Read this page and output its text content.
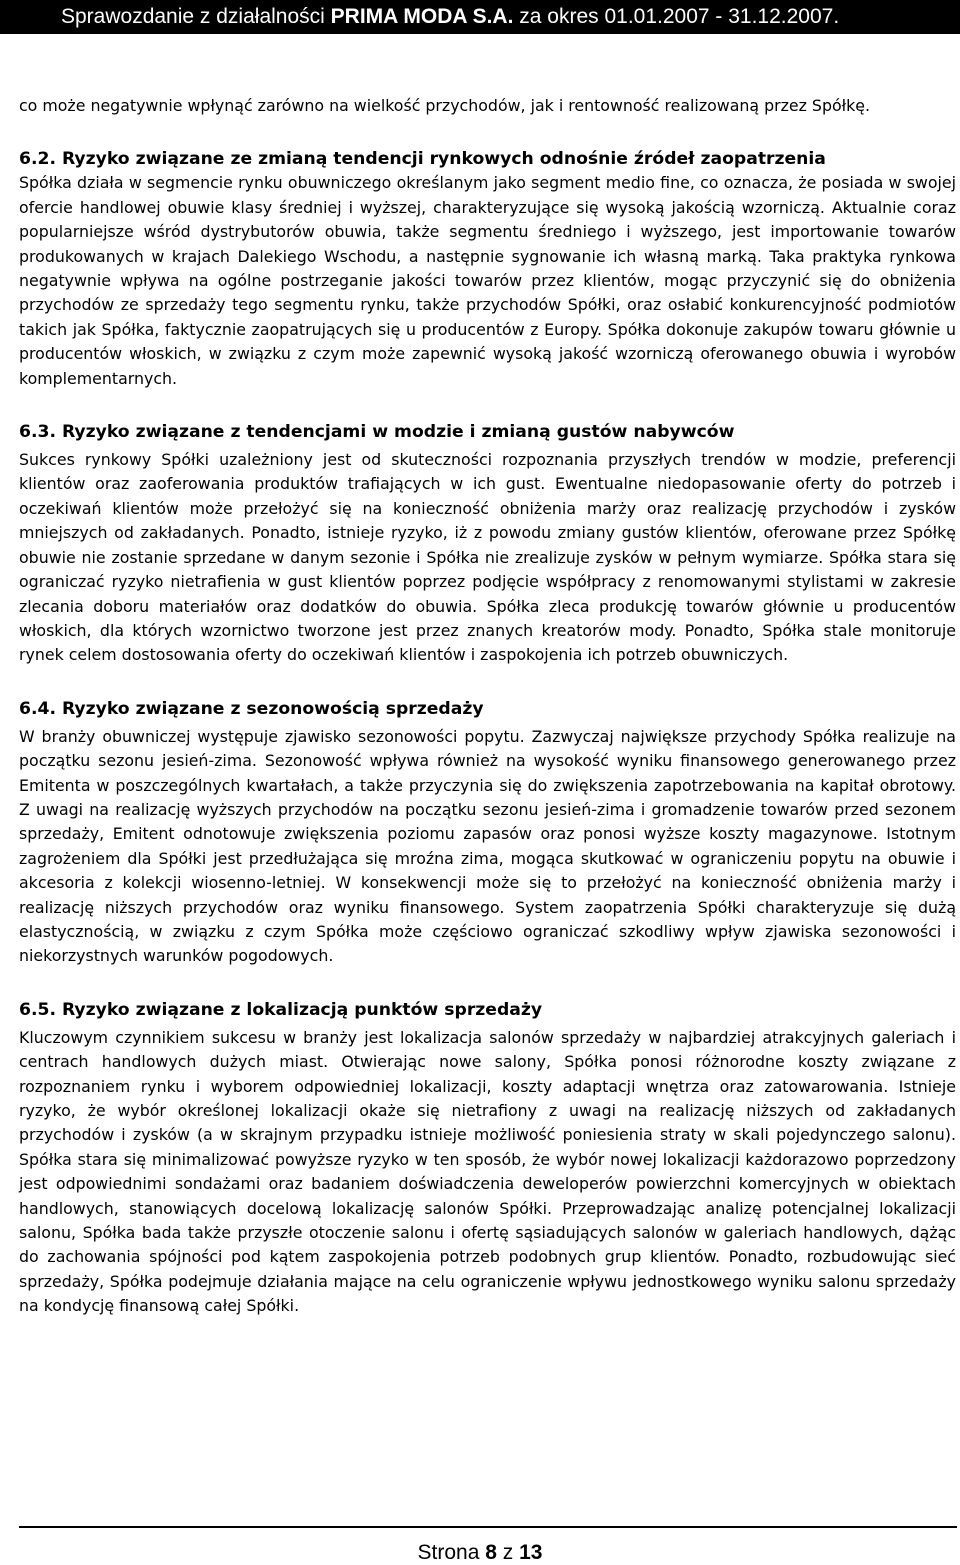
Sprawozdanie z działalności PRIMA MODA S.A. za okres 01.01.2007 - 31.12.2007.

co może negatywnie wpłynąć zarówno na wielkość przychodów, jak i rentowność realizowaną przez Spółkę.

6.2. Ryzyko związane ze zmianą tendencji rynkowych odnośnie źródeł zaopatrzenia

Spółka działa w segmencie rynku obuwniczego określanym jako segment medio fine, co oznacza, że posiada w swojej ofercie handlowej obuwie klasy średniej i wyższej, charakteryzujące się wysoką jakością wzorniczą. Aktualnie coraz popularniejsze wśród dystrybutorów obuwia, także segmentu średniego i wyższego, jest importowanie towarów produkowanych w krajach Dalekiego Wschodu, a następnie sygnowanie ich własną marką. Taka praktyka rynkowa negatywnie wpływa na ogólne postrzeganie jakości towarów przez klientów, mogąc przyczynić się do obniżenia przychodów ze sprzedaży tego segmentu rynku, także przychodów Spółki, oraz osłabić konkurencyjność podmiotów takich jak Spółka, faktycznie zaopatrujących się u producentów z Europy. Spółka dokonuje zakupów towaru głównie u producentów włoskich, w związku z czym może zapewnić wysoką jakość wzorniczą oferowanego obuwia i wyrobów komplementarnych.

6.3. Ryzyko związane z tendencjami w modzie i zmianą gustów nabywców

Sukces rynkowy Spółki uzależniony jest od skuteczności rozpoznania przyszłych trendów w modzie, preferencji klientów oraz zaoferowania produktów trafiających w ich gust. Ewentualne niedopasowanie oferty do potrzeb i oczekiwań klientów może przełożyć się na konieczność obniżenia marży oraz realizację przychodów i zysków mniejszych od zakładanych. Ponadto, istnieje ryzyko, iż z powodu zmiany gustów klientów, oferowane przez Spółkę obuwie nie zostanie sprzedane w danym sezonie i Spółka nie zrealizuje zysków w pełnym wymiarze. Spółka stara się ograniczać ryzyko nietrafienia w gust klientów poprzez podjęcie współpracy z renomowanymi stylistami w zakresie zlecania doboru materiałów oraz dodatków do obuwia. Spółka zleca produkcję towarów głównie u producentów włoskich, dla których wzornictwo tworzone jest przez znanych kreatorów mody. Ponadto, Spółka stale monitoruje rynek celem dostosowania oferty do oczekiwań klientów i zaspokojenia ich potrzeb obuwniczych.

6.4. Ryzyko związane z sezonowością sprzedaży

W branży obuwniczej występuje zjawisko sezonowości popytu. Zazwyczaj największe przychody Spółka realizuje na początku sezonu jesień-zima. Sezonowość wpływa również na wysokość wyniku finansowego generowanego przez Emitenta w poszczególnych kwartałach, a także przyczynia się do zwiększenia zapotrzebowania na kapitał obrotowy. Z uwagi na realizację wyższych przychodów na początku sezonu jesień-zima i gromadzenie towarów przed sezonem sprzedaży, Emitent odnotowuje zwiększenia poziomu zapasów oraz ponosi wyższe koszty magazynowe. Istotnym zagrożeniem dla Spółki jest przedłużająca się mroźna zima, mogąca skutkować w ograniczeniu popytu na obuwie i akcesoria z kolekcji wiosenno-letniej. W konsekwencji może się to przełożyć na konieczność obniżenia marży i realizację niższych przychodów oraz wyniku finansowego. System zaopatrzenia Spółki charakteryzuje się dużą elastycznością, w związku z czym Spółka może częściowo ograniczać szkodliwy wpływ zjawiska sezonowości i niekorzystnych warunków pogodowych.

6.5. Ryzyko związane z lokalizacją punktów sprzedaży

Kluczowym czynnikiem sukcesu w branży jest lokalizacja salonów sprzedaży w najbardziej atrakcyjnych galeriach i centrach handlowych dużych miast. Otwierając nowe salony, Spółka ponosi różnorodne koszty związane z rozpoznaniem rynku i wyborem odpowiedniej lokalizacji, koszty adaptacji wnętrza oraz zatowarowania. Istnieje ryzyko, że wybór określonej lokalizacji okaże się nietrafiony z uwagi na realizację niższych od zakładanych przychodów i zysków (a w skrajnym przypadku istnieje możliwość poniesienia straty w skali pojedynczego salonu). Spółka stara się minimalizować powyższe ryzyko w ten sposób, że wybór nowej lokalizacji każdorazowo poprzedzony jest odpowiednimi sondażami oraz badaniem doświadczenia deweloperów powierzchni komercyjnych w obiektach handlowych, stanowiących docelową lokalizację salonów Spółki. Przeprowadzając analizę potencjalnej lokalizacji salonu, Spółka bada także przyszłe otoczenie salonu i ofertę sąsiadujących salonów w galeriach handlowych, dążąc do zachowania spójności pod kątem zaspokojenia potrzeb podobnych grup klientów. Ponadto, rozbudowując sieć sprzedaży, Spółka podejmuje działania mające na celu ograniczenie wpływu jednostkowego wyniku salonu sprzedaży na kondycję finansową całej Spółki.

Strona 8 z 13
